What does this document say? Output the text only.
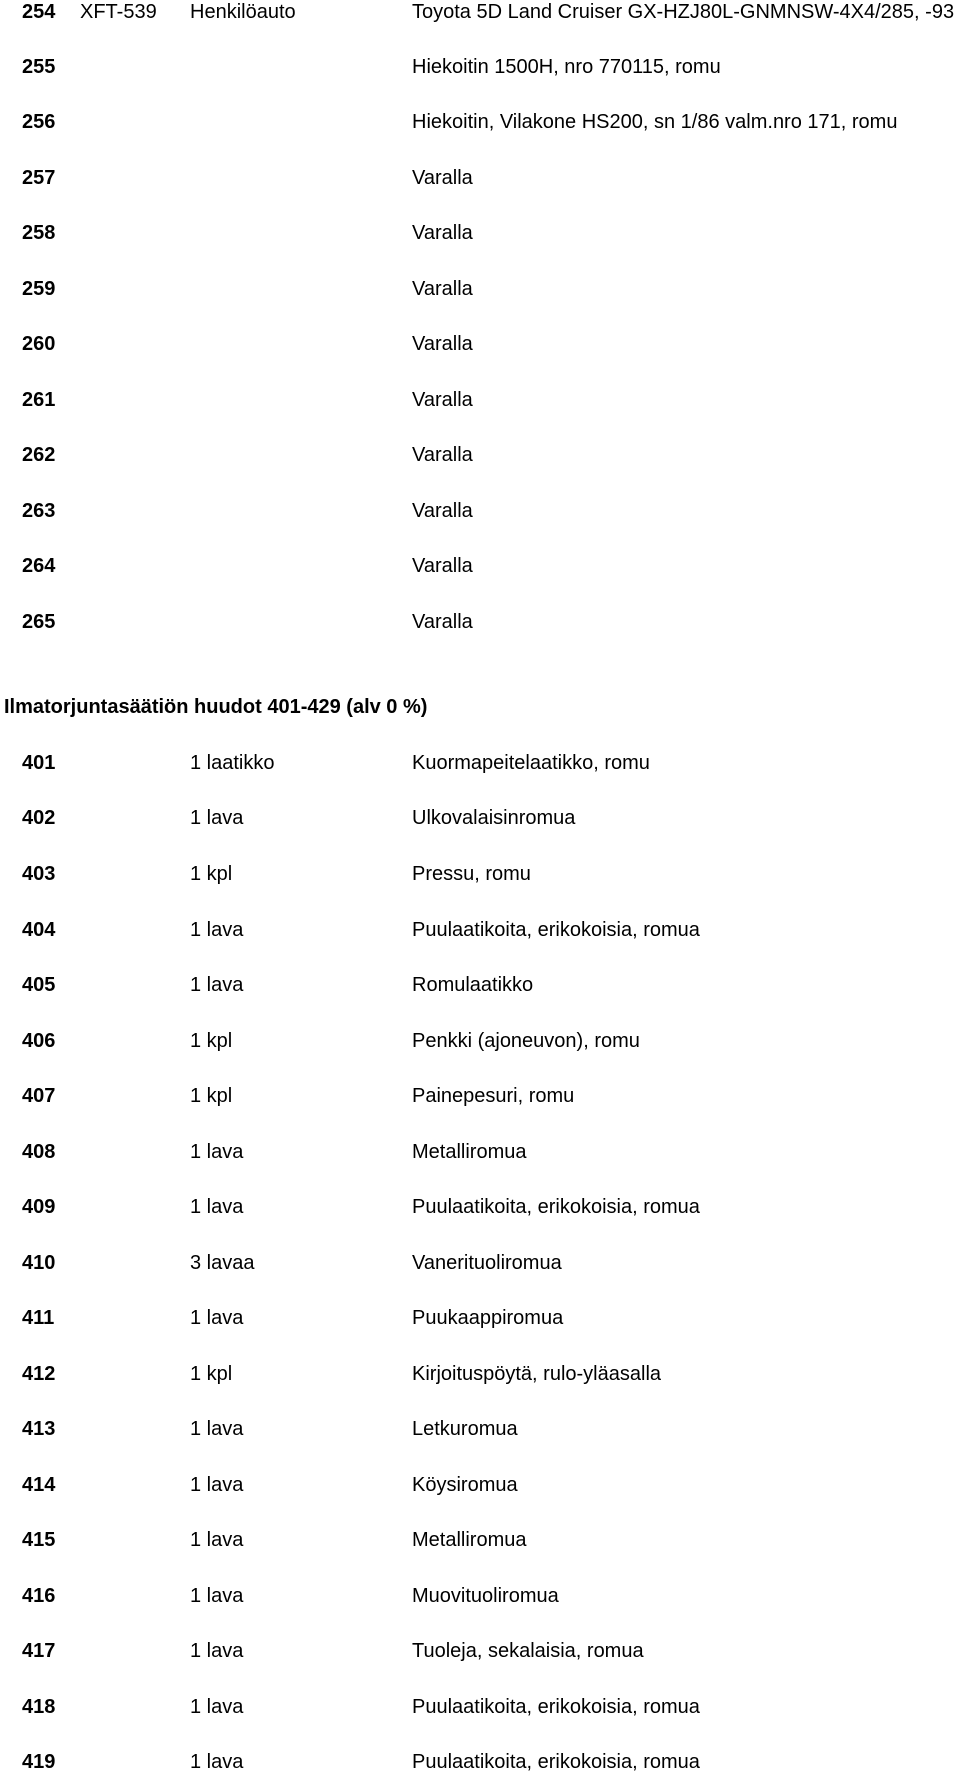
254 XFT-539 Henkilöauto	Toyota 5D Land Cruiser GX-HZJ80L-GNMNSW-4X4/285, -93
255	Hiekoitin 1500H, nro 770115, romu
256	Hiekoitin, Vilakone HS200, sn 1/86 valm.nro 171, romu
257	Varalla
258	Varalla
259	Varalla
260	Varalla
261	Varalla
262	Varalla
263	Varalla
264	Varalla
265	Varalla
Ilmatorjuntasäätiön huudot 401-429 (alv 0 %)
401	1 laatikko	Kuormapeitelaatikko, romu
402	1 lava	Ulkovalaisinromua
403	1 kpl	Pressu, romu
404	1 lava	Puulaatikoita, erikokoisia, romua
405	1 lava	Romulaatikko
406	1 kpl	Penkki (ajoneuvon), romu
407	1 kpl	Painepesuri, romu
408	1 lava	Metalliromua
409	1 lava	Puulaatikoita, erikokoisia, romua
410	3 lavaa	Vanerituoliromua
411	1 lava	Puukaappiromua
412	1 kpl	Kirjoituspöytä, rulo-yläasalla
413	1 lava	Letkuromua
414	1 lava	Köysiromua
415	1 lava	Metalliromua
416	1 lava	Muovituoliromua
417	1 lava	Tuoleja, sekalaisia, romua
418	1 lava	Puulaatikoita, erikokoisia, romua
419	1 lava	Puulaatikoita, erikokoisia, romua
